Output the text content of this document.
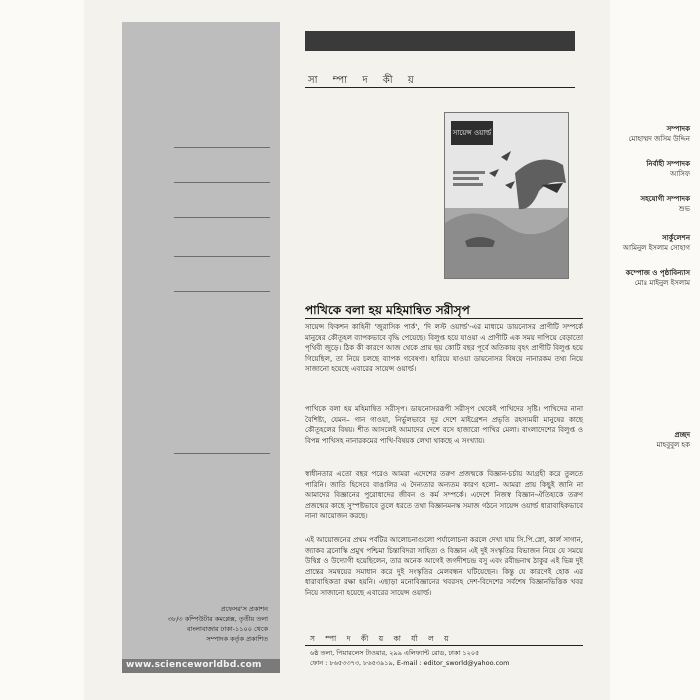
সম্পাদক
মোহাম্মদ জসিম উদ্দিন
নির্বাহী সম্পাদক
আসিফ
সহযোগী সম্পাদক
শুভ
সার্কুলেশন
আমিনুল ইসলাম সোহাগ
কম্পোজ ও পৃষ্ঠাবিন্যাস
মোঃ মাইনুল ইসলাম
প্রচ্ছদ
মাহবুবুল হক
প্রফেসর'স প্রকাশন
৩৮/৩ কম্পিউটার কমপ্লেক্স, তৃতীয় তলা
বাংলাবাজার ঢাকা-১১০০ থেকে
সম্পাদক কর্তৃক প্রকাশিত
www.scienceworldbd.com
সা ম্পা দ কী য়
সায়েন্স ওয়ার্ল্ড
পাখিকে বলা হয় মহিমান্বিত সরীসৃপ
সায়েন্স ফিকশন কাহিনী 'জুরাসিক পার্ক', 'দি লস্ট ওয়ার্ল্ড'-এর মাধ্যমে ডায়নোসর প্রাণীটি সম্পর্কে মানুষের কৌতূহল ব্যাপকভাবে বৃদ্ধি পেয়েছে। বিলুপ্ত হয়ে যাওয়া এ প্রাণীটি এক সময় দাপিয়ে বেড়াতো পৃথিবী জুড়ে। ঠিক কী কারণে আজ থেকে প্রায় ছয় কোটি বছর পূর্বে অতিকায় বৃহৎ প্রাণীটি বিলুপ্ত হয়ে গিয়েছিল, তা নিয়ে চলছে ব্যাপক গবেষণা। হারিয়ে যাওয়া ডায়নোসর বিষয়ে নানারকম তথ্য নিয়ে সাজানো হয়েছে এবারের সায়েন্স ওয়ার্ল্ড।
পাখিকে বলা হয় মহিমান্বিত সরীসৃপ। ডায়নোসররূপী সরীসৃপ থেকেই পাখিদের সৃষ্টি। পাখিদের নানা বৈশিষ্ট্য, যেমন– গান গাওয়া, নির্ভুলভাবে দূর দেশে মাইগ্রেশন প্রভৃতি রহস্যময়ী মানুষের কাছে কৌতূহলের বিষয়। শীত আসলেই আমাদের দেশে বসে হাজারো পাখির মেলা। বাংলাদেশের বিলুপ্ত ও বিপন্ন পাখিসহ নানারকমের পাখি-বিষয়ক লেখা থাকছে এ সংখ্যায়।
স্বাধীনতার এতো বছর পরেও আমরা এদেশের তরুণ প্রজন্মকে বিজ্ঞান-চর্চায় আগ্রহী করে তুলতে পারিনি। জাতি হিসেবে বাঙালির এ দৈন্যতার অন্যতম কারণ হলো– আমরা প্রায় কিছুই জানি না আমাদের বিজ্ঞানের পুরোধাদের জীবন ও কর্ম সম্পর্কে। এদেশে নিজস্ব বিজ্ঞান-ঐতিহ্যকে তরুণ প্রজন্মের কাছে সুস্পষ্টভাবে তুলে ধরতে তথা বিজ্ঞানমনস্ক সমাজ গঠনে সায়েন্স ওয়ার্ল্ড ধারাবাহিকভাবে নানা আয়োজন করছে।
এই আয়োজনের প্রথম পর্বটির আলোচনাগুলো পর্যালোচনা করলে দেখা যায় সি.পি.স্নো, কার্ল সাগান, জ্যাকব ব্রনোস্কি প্রমুখ পশ্চিমা চিন্তাবিদরা সাহিত্য ও বিজ্ঞান এই দুই সংস্কৃতির বিভাজন নিয়ে যে সময়ে উদ্বিগ্ন ও উদ্যোগী হয়েছিলেন, তার অনেক আগেই জগদীশচন্দ্র বসু এবং রবীন্দ্রনাথ ঠাকুর এই ভিন্ন দুই প্রান্তের সমন্বয়ের সমাধান করে দুই সংস্কৃতির মেলবন্ধন ঘটিয়েছেন। কিন্তু যে কারণেই হোক এর ধারাবাহিকতা রক্ষা হয়নি। এছাড়া মনোবিজ্ঞানের খবরসহ দেশ-বিদেশের সর্বশেষ বিজ্ঞানভিত্তিক খবর নিয়ে সাজানো হয়েছে এবারের সায়েন্স ওয়ার্ল্ড।
স ম্পা দ কী য় কা র্যা ল য়
৬ষ্ঠ তলা, পিয়ারলেস টাওয়ার, ২৯৯ এলিফ্যান্ট রোড, ঢাকা ১২০৫
ফোন : ৮৬৫৩৩৭৩, ৮৬৫৩৯১৯, E-mail : editor_sworld@yahoo.com
